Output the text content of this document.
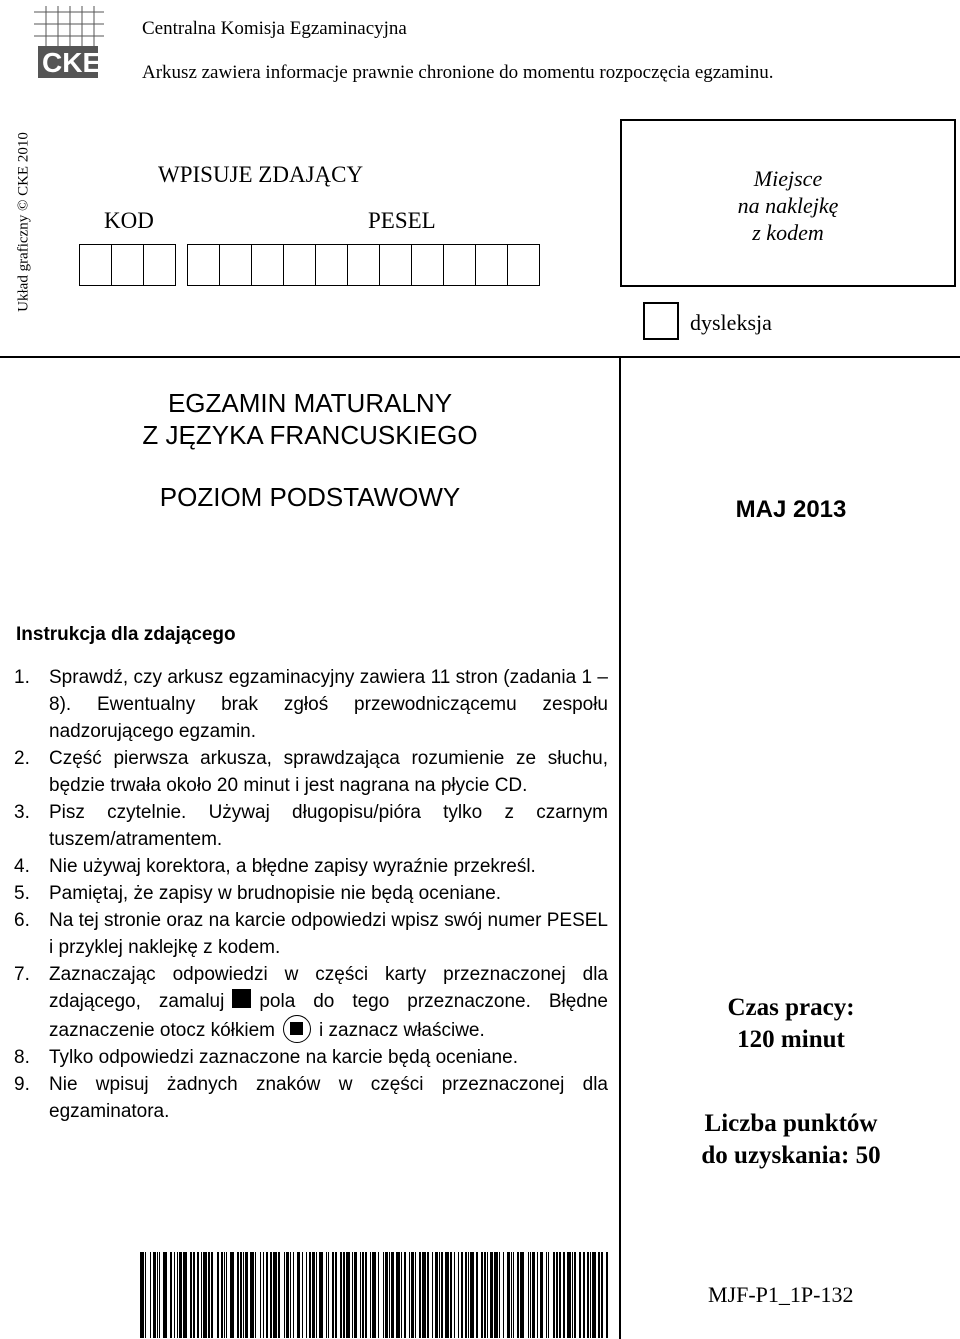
CKE
Centralna Komisja Egzaminacyjna
Arkusz zawiera informacje prawnie chronione do momentu rozpoczęcia egzaminu.
Układ graficzny © CKE 2010	WPISUJE ZDAJĄCY
KOD	PESEL
Miejsce
na naklejkę
z kodem
dysleksja
EGZAMIN MATURALNY
Z JĘZYKA FRANCUSKIEGO
POZIOM PODSTAWOWY	MAJ 2013
Instrukcja dla zdającego
1.	Sprawdź, czy arkusz egzaminacyjny zawiera 11 stron (zadania 1 – 8). Ewentualny brak zgłoś przewodniczącemu zespołu nadzorującego egzamin.
2.	Część pierwsza arkusza, sprawdzająca rozumienie ze słuchu, będzie trwała około 20 minut i jest nagrana na płycie CD.
3.	Pisz czytelnie. Używaj długopisu/pióra tylko z czarnym tuszem/atramentem.
4.	Nie używaj korektora, a błędne zapisy wyraźnie przekreśl.
5.	Pamiętaj, że zapisy w brudnopisie nie będą oceniane.
6.	Na tej stronie oraz na karcie odpowiedzi wpisz swój numer PESEL i przyklej naklejkę z kodem.
7.	Zaznaczając odpowiedzi w części karty przeznaczonej dla zdającego, zamaluj pola do tego przeznaczone. Błędne zaznaczenie otocz kółkiem i zaznacz właściwe.
8.	Tylko odpowiedzi zaznaczone na karcie będą oceniane.
9.	Nie wpisuj żadnych znaków w części przeznaczonej dla egzaminatora.
Czas pracy:
120 minut
Liczba punktów
do uzyskania: 50
MJF-P1_1P-132
